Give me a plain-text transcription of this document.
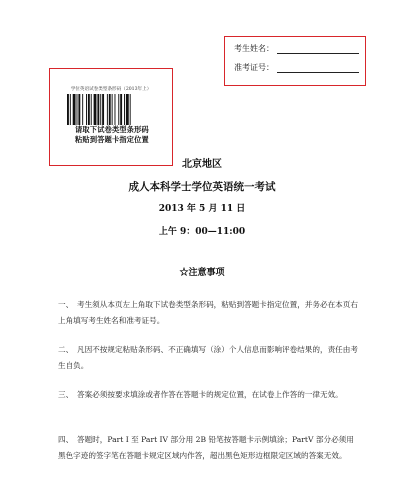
考生姓名：
准考证号：
学位英语试卷类型条形码（2013年上）
请取下试卷类型条形码
粘贴到答题卡指定位置
北京地区
成人本科学士学位英语统一考试
2013 年 5 月 11 日
上午 9：00—11:00
☆注意事项
一、　考生须从本页左上角取下试卷类型条形码，粘贴到答题卡指定位置，并务必在本页右上角填写考生姓名和准考证号。
二、　凡因不按规定粘贴条形码、不正确填写（涂）个人信息而影响评卷结果的，责任由考生自负。
三、　答案必须按要求填涂或者作答在答题卡的规定位置，在试卷上作答的一律无效。
四、　答题时，Part I 至 Part IV 部分用 2B 铅笔按答题卡示例填涂；PartV 部分必须用黑色字迹的签字笔在答题卡规定区域内作答，超出黑色矩形边框限定区域的答案无效。
